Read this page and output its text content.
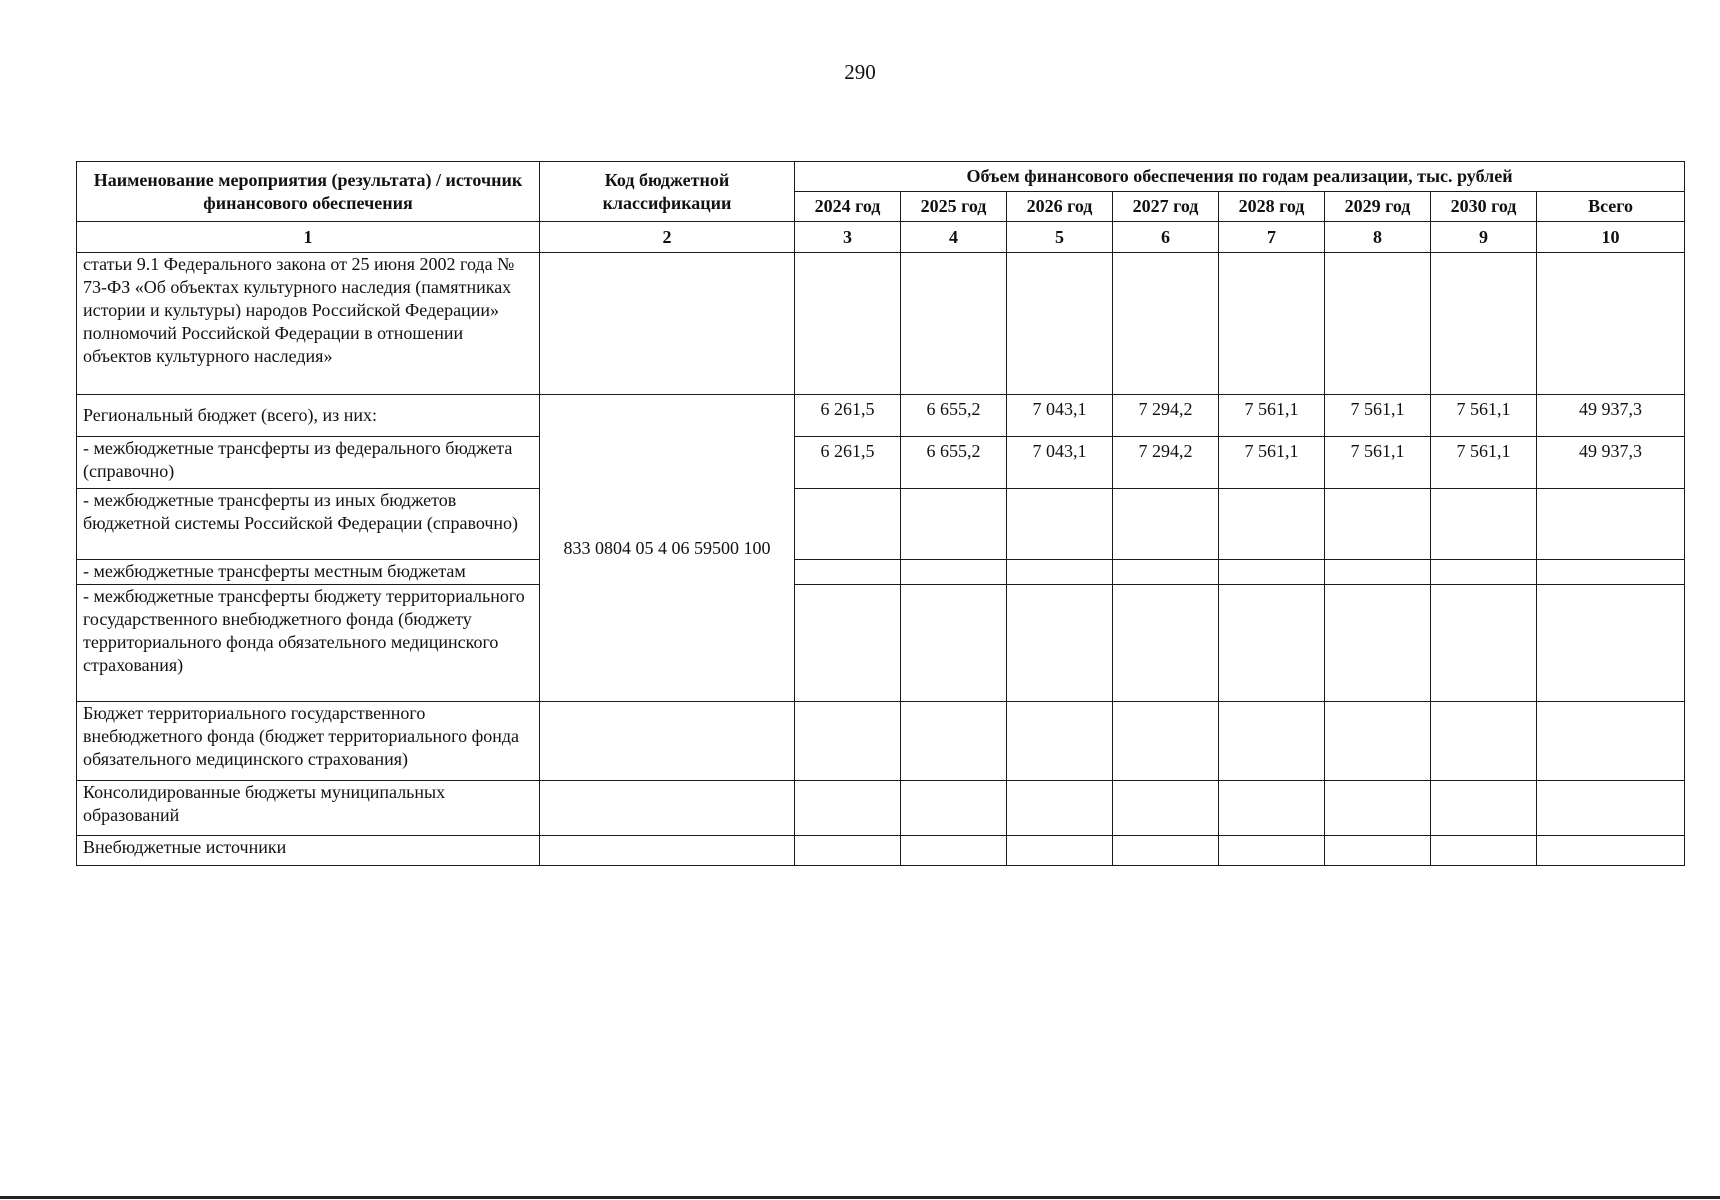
290
Наименование мероприятия (результата) / источник финансового обеспечения	Код бюджетной классификации	Объем финансового обеспечения по годам реализации, тыс. рублей							
		2024 год	2025 год	2026 год	2027 год	2028 год	2029 год	2030 год	Всего
1	2	3	4	5	6	7	8	9	10
статьи 9.1 Федерального закона от 25 июня 2002 года № 73-ФЗ «Об объектах культурного наследия (памятниках истории и культуры) народов Российской Федерации» полномочий Российской Федерации в отношении объектов культурного наследия»									
Региональный бюджет (всего), из них:	833 0804 05 4 06 59500 100	6 261,5	6 655,2	7 043,1	7 294,2	7 561,1	7 561,1	7 561,1	49 937,3
- межбюджетные трансферты из федерального бюджета (справочно)		6 261,5	6 655,2	7 043,1	7 294,2	7 561,1	7 561,1	7 561,1	49 937,3
- межбюджетные трансферты из иных бюджетов бюджетной системы Российской Федерации (справочно)									
- межбюджетные трансферты местным бюджетам									
- межбюджетные трансферты бюджету территориального государственного внебюджетного фонда (бюджету территориального фонда обязательного медицинского страхования)									
Бюджет территориального государственного внебюджетного фонда (бюджет территориального фонда обязательного медицинского страхования)									
Консолидированные бюджеты муниципальных образований									
Внебюджетные источники									
